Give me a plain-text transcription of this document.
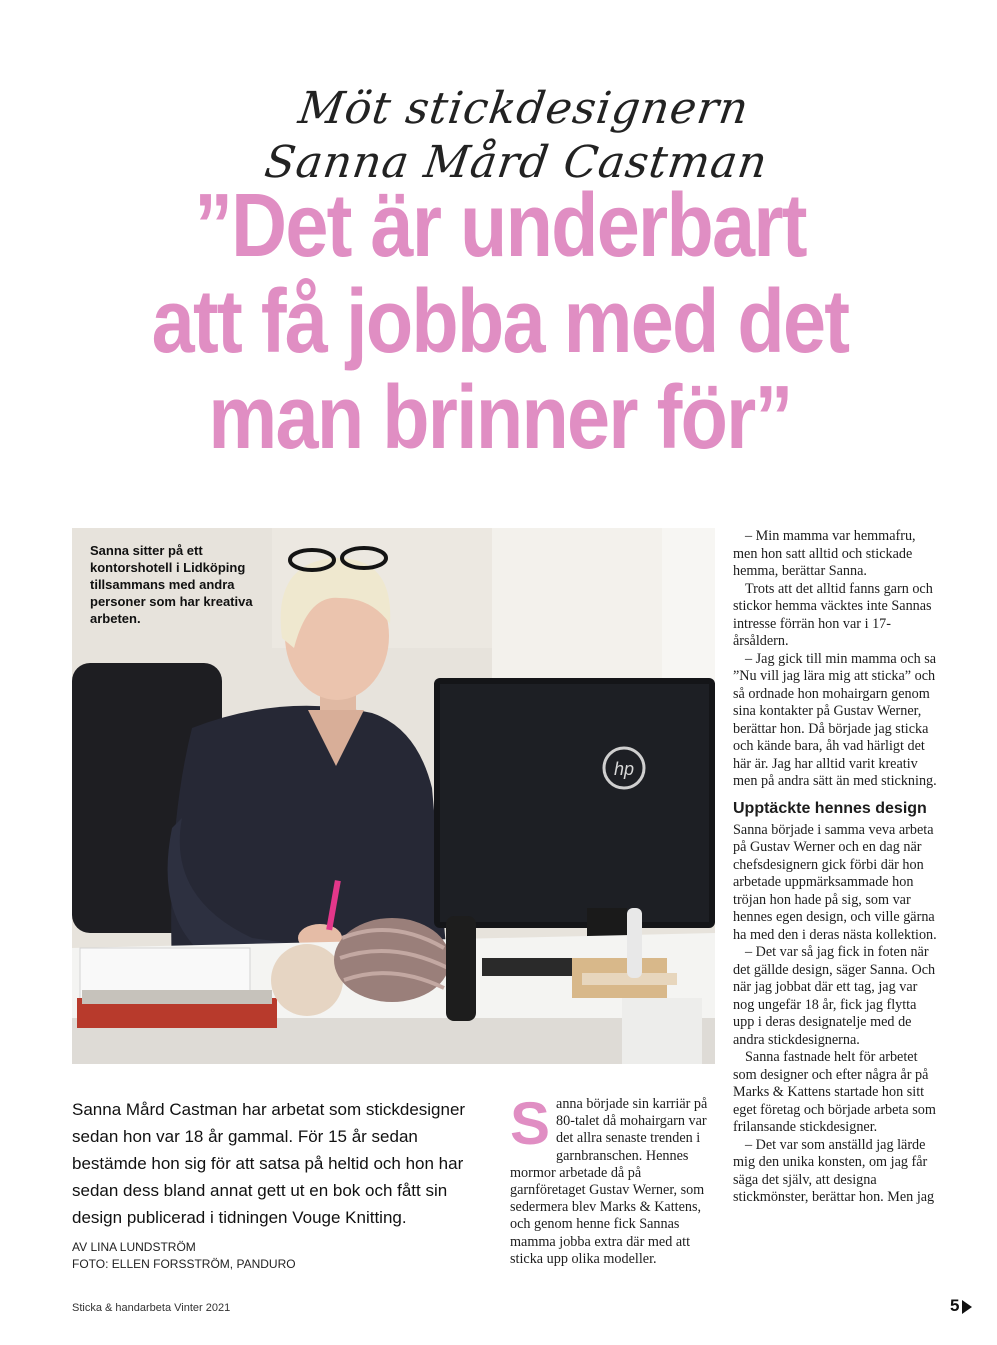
Möt stickdesignern
Sanna Mård Castman
”Det är underbart
att få jobba med det
man brinner för”
hp
Sanna sitter på ett kontorshotell i Lidköping tillsammans med andra personer som har kreativa arbeten.

– Min mamma var hemmafru, men hon satt alltid och stickade hemma, berättar Sanna.

Trots att det alltid fanns garn och stickor hemma väcktes inte Sannas intresse förrän hon var i 17-årsåldern.

– Jag gick till min mamma och sa ”Nu vill jag lära mig att sticka” och så ordnade hon mohairgarn genom sina kontakter på Gustav Werner, berättar hon. Då började jag sticka och kände bara, åh vad härligt det här är. Jag har alltid varit kreativ men på andra sätt än med stickning.

Upptäckte hennes design

Sanna började i samma veva arbeta på Gustav Werner och en dag när chefsdesignern gick förbi där hon arbetade uppmärksammade hon tröjan hon hade på sig, som var hennes egen design, och ville gärna ha med den i deras nästa kollektion.

– Det var så jag fick in foten när det gällde design, säger Sanna. Och när jag jobbat där ett tag, jag var nog ungefär 18 år, fick jag flytta upp i deras designatelje med de andra stickdesignerna.

Sanna fastnade helt för arbetet som designer och efter några år på Marks & Kattens startade hon sitt eget företag och började arbeta som frilansande stickdesigner.

– Det var som anställd jag lärde mig den unika konsten, om jag får säga det själv, att designa stickmönster, berättar hon. Men jag

Sanna Mård Castman har arbetat som stickdesigner sedan hon var 18 år gammal. För 15 år sedan bestämde hon sig för att satsa på heltid och hon har sedan dess bland annat gett ut en bok och fått sin design publicerad i tidningen Vouge Knitting.
AV LINA LUNDSTRÖM
FOTO: ELLEN FORSSTRÖM, PANDURO
S anna började sin karriär på 80-talet då mohairgarn var det allra senaste trenden i garnbranschen. Hennes mormor arbetade då på garnföretaget Gustav Werner, som sedermera blev Marks & Kattens, och genom henne fick Sannas mamma jobba extra där med att sticka upp olika modeller.
Sticka & handarbeta Vinter 2021	5
